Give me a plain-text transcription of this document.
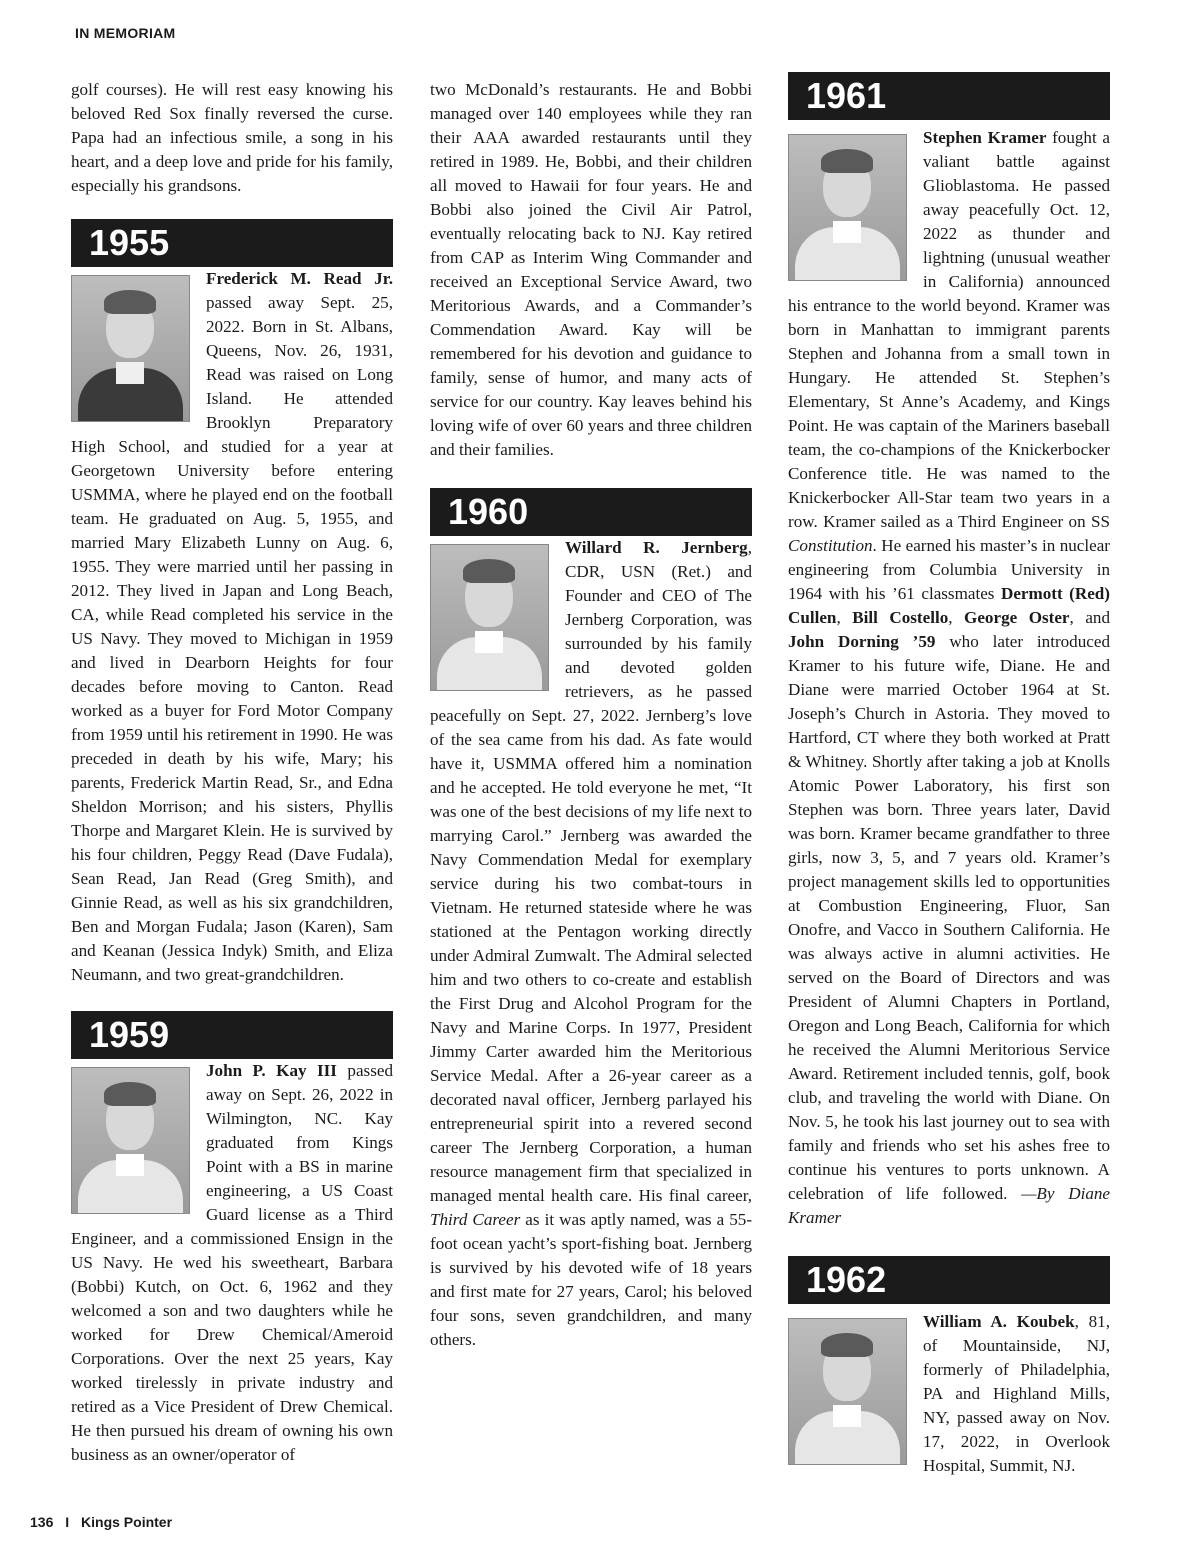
IN MEMORIAM

golf courses). He will rest easy knowing his beloved Red Sox finally reversed the curse. Papa had an infectious smile, a song in his heart, and a deep love and pride for his family, especially his grandsons.

1955

Frederick M. Read Jr. passed away Sept. 25, 2022. Born in St. Albans, Queens, Nov. 26, 1931, Read was raised on Long Island. He attended Brooklyn Preparatory High School, and studied for a year at Georgetown University before entering USMMA, where he played end on the football team. He graduated on Aug. 5, 1955, and married Mary Elizabeth Lunny on Aug. 6, 1955. They were married until her passing in 2012. They lived in Japan and Long Beach, CA, while Read completed his service in the US Navy. They moved to Michigan in 1959 and lived in Dearborn Heights for four decades before moving to Canton. Read worked as a buyer for Ford Motor Company from 1959 until his retirement in 1990. He was preceded in death by his wife, Mary; his parents, Frederick Martin Read, Sr., and Edna Sheldon Morrison; and his sisters, Phyllis Thorpe and Margaret Klein. He is survived by his four children, Peggy Read (Dave Fudala), Sean Read, Jan Read (Greg Smith), and Ginnie Read, as well as his six grandchildren, Ben and Morgan Fudala; Jason (Karen), Sam and Keanan (Jessica Indyk) Smith, and Eliza Neumann, and two great-grandchildren.

1959

John P. Kay III passed away on Sept. 26, 2022 in Wilmington, NC. Kay graduated from Kings Point with a BS in marine engineering, a US Coast Guard license as a Third Engineer, and a commissioned Ensign in the US Navy. He wed his sweetheart, Barbara (Bobbi) Kutch, on Oct. 6, 1962 and they welcomed a son and two daughters while he worked for Drew Chemical/Ameroid Corporations. Over the next 25 years, Kay worked tirelessly in private industry and retired as a Vice President of Drew Chemical. He then pursued his dream of owning his own business as an owner/operator of

two McDonald’s restaurants. He and Bobbi managed over 140 employees while they ran their AAA awarded restaurants until they retired in 1989. He, Bobbi, and their children all moved to Hawaii for four years. He and Bobbi also joined the Civil Air Patrol, eventually relocating back to NJ. Kay retired from CAP as Interim Wing Commander and received an Exceptional Service Award, two Meritorious Awards, and a Commander’s Commendation Award. Kay will be remembered for his devotion and guidance to family, sense of humor, and many acts of service for our country. Kay leaves behind his loving wife of over 60 years and three children and their families.

1960

Willard R. Jernberg, CDR, USN (Ret.) and Founder and CEO of The Jernberg Corporation, was surrounded by his family and devoted golden retrievers, as he passed peacefully on Sept. 27, 2022. Jernberg’s love of the sea came from his dad. As fate would have it, USMMA offered him a nomination and he accepted. He told everyone he met, “It was one of the best decisions of my life next to marrying Carol.” Jernberg was awarded the Navy Commendation Medal for exemplary service during his two combat-tours in Vietnam. He returned stateside where he was stationed at the Pentagon working directly under Admiral Zumwalt. The Admiral selected him and two others to co-create and establish the First Drug and Alcohol Program for the Navy and Marine Corps. In 1977, President Jimmy Carter awarded him the Meritorious Service Medal. After a 26-year career as a decorated naval officer, Jernberg parlayed his entrepreneurial spirit into a revered second career The Jernberg Corporation, a human resource management firm that specialized in managed mental health care. His final career, Third Career as it was aptly named, was a 55-foot ocean yacht’s sport-fishing boat. Jernberg is survived by his devoted wife of 18 years and first mate for 27 years, Carol; his beloved four sons, seven grandchildren, and many others.

1961

Stephen Kramer fought a valiant battle against Glioblastoma. He passed away peacefully Oct. 12, 2022 as thunder and lightning (unusual weather in California) announced his entrance to the world beyond. Kramer was born in Manhattan to immigrant parents Stephen and Johanna from a small town in Hungary. He attended St. Stephen’s Elementary, St Anne’s Academy, and Kings Point. He was captain of the Mariners baseball team, the co-champions of the Knickerbocker Conference title. He was named to the Knickerbocker All-Star team two years in a row. Kramer sailed as a Third Engineer on SS Constitution. He earned his master’s in nuclear engineering from Columbia University in 1964 with his ’61 classmates Dermott (Red) Cullen, Bill Costello, George Oster, and John Dorning ’59 who later introduced Kramer to his future wife, Diane. He and Diane were married October 1964 at St. Joseph’s Church in Astoria. They moved to Hartford, CT where they both worked at Pratt & Whitney. Shortly after taking a job at Knolls Atomic Power Laboratory, his first son Stephen was born. Three years later, David was born. Kramer became grandfather to three girls, now 3, 5, and 7 years old. Kramer’s project management skills led to opportunities at Combustion Engineering, Fluor, San Onofre, and Vacco in Southern California. He was always active in alumni activities. He served on the Board of Directors and was President of Alumni Chapters in Portland, Oregon and Long Beach, California for which he received the Alumni Meritorious Service Award. Retirement included tennis, golf, book club, and traveling the world with Diane. On Nov. 5, he took his last journey out to sea with family and friends who set his ashes free to continue his ventures to ports unknown. A celebration of life followed. —By Diane Kramer

1962

William A. Koubek, 81, of Mountainside, NJ, formerly of Philadelphia, PA and Highland Mills, NY, passed away on Nov. 17, 2022, in Overlook Hospital, Summit, NJ.

136 I Kings Pointer
